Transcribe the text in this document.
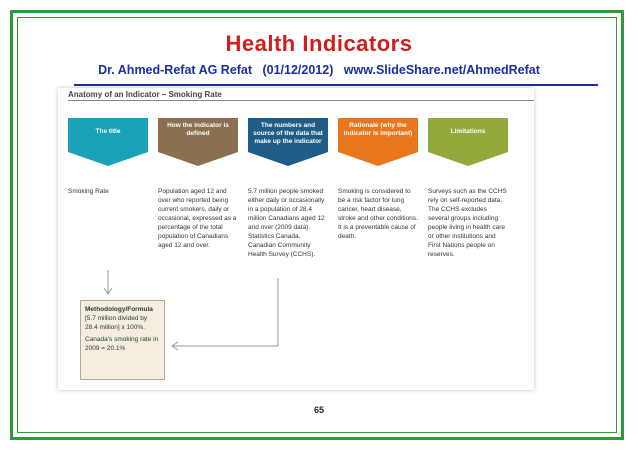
Health Indicators
Dr. Ahmed-Refat AG Refat (01/12/2012) www.SlideShare.net/AhmedRefat
Anatomy of an Indicator – Smoking Rate
The title
How the indicator is defined
The numbers and source of the data that make up the indicator
Rationale (why the indicator is important)	Limitations
Smoking Rate	Population aged 12 and over who reported being current smokers, daily or occasional, expressed as a percentage of the total population of Canadians aged 12 and over.
5.7 million people smoked either daily or occasionally in a population of 28.4 million Canadians aged 12 and over (2009 data). Statistics Canada, Canadian Community Health Survey (CCHS).
Smoking is considered to be a risk factor for lung cancer, heart disease, stroke and other conditions. It is a preventable cause of death.
Surveys such as the CCHS rely on self-reported data. The CCHS excludes several groups including people living in health care or other institutions and First Nations people on reserves.
Methodology/Formula
[5.7 million divided by 28.4 million] x 100%.
Canada's smoking rate in 2009 = 20.1%
65
